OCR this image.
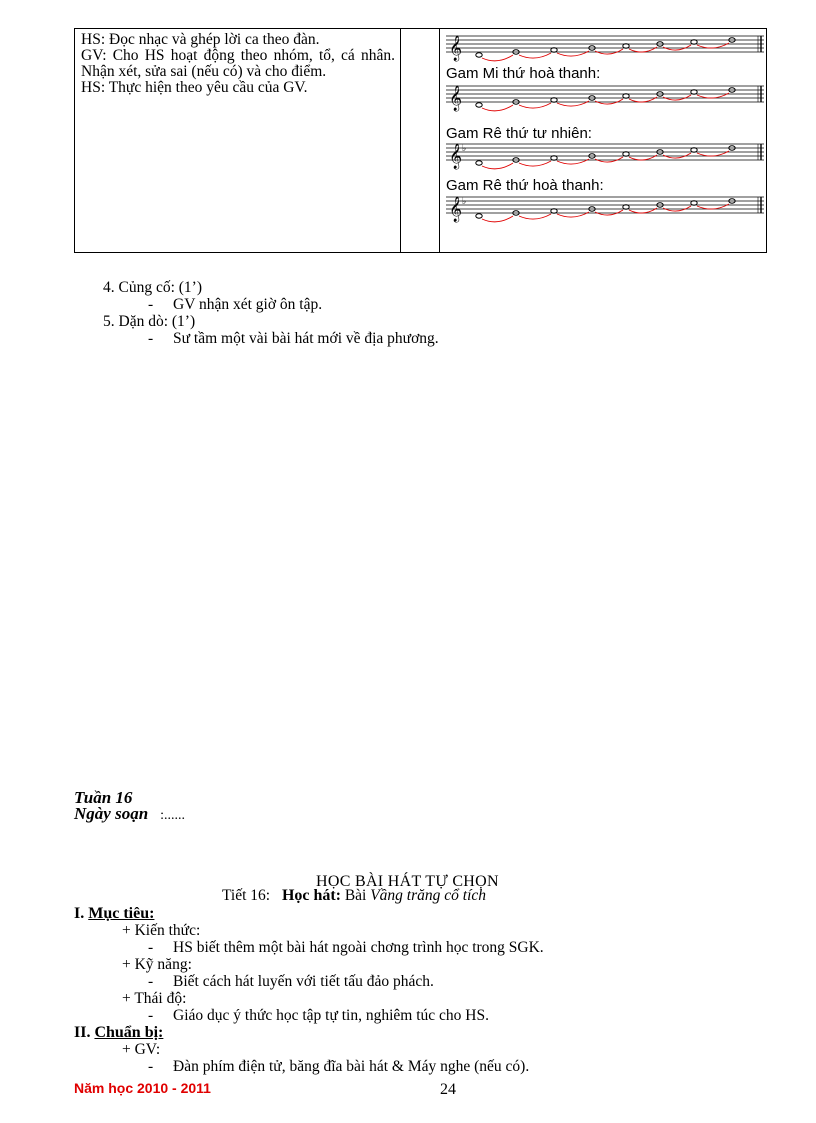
HS: Đọc nhạc và ghép lời ca theo đàn.

GV: Cho HS hoạt động theo nhóm, tổ, cá nhân. Nhận xét, sửa sai (nếu có) và cho điểm.

HS: Thực hiện theo yêu cầu của GV.

𝄞
Gam Mi thứ hoà thanh:
𝄞
Gam Rê thứ tư nhiên:
𝄞 ♭
Gam Rê thứ hoà thanh:
𝄞 ♭
4. Củng cố: (1’)
- GV nhận xét giờ ôn tập.
5. Dặn dò: (1’)
- Sư tầm một vài bài hát mới về địa phương.
Tuần 16
Ngày soạn :......
HỌC BÀI HÁT TỰ CHỌN
Tiết 16: Học hát: Bài Vầng trăng cổ tích
I. Mục tiêu:
+ Kiến thức:
- HS biết thêm một bài hát ngoài chơng trình học trong SGK.
+ Kỹ năng:
- Biết cách hát luyến với tiết tấu đảo phách.
+ Thái độ:
- Giáo dục ý thức học tập tự tin, nghiêm túc cho HS.
II. Chuẩn bị:
+ GV:
- Đàn phím điện tử, băng đĩa bài hát & Máy nghe (nếu có).
Năm học 2010 - 2011	24
